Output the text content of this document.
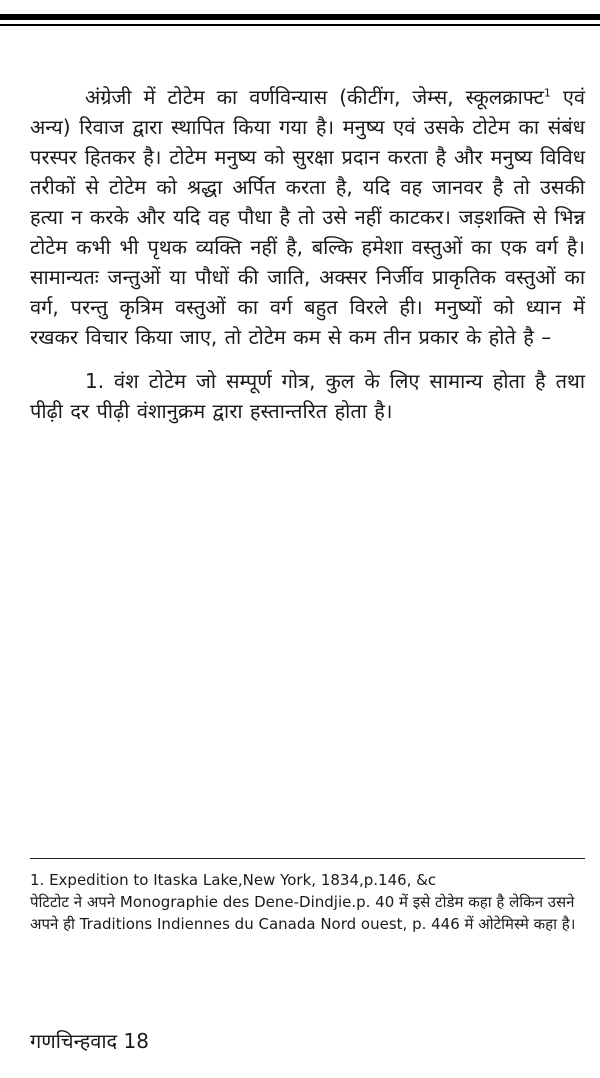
अंग्रेजी में टोटेम का वर्णविन्यास (कीटींग, जेम्स, स्कूलक्राफ्ट$^1$ एवं अन्य) रिवाज द्वारा स्थापित किया गया है। मनुष्य एवं उसके टोटेम का संबंध परस्पर हितकर है। टोटेम मनुष्य को सुरक्षा प्रदान करता है और मनुष्य विविध तरीकों से टोटेम को श्रद्धा अर्पित करता है, यदि वह जानवर है तो उसकी हत्या न करके और यदि वह पौधा है तो उसे नहीं काटकर। जड़शक्ति से भिन्न टोटेम कभी भी पृथक व्यक्ति नहीं है, बल्कि हमेशा वस्तुओं का एक वर्ग है। सामान्यतः जन्तुओं या पौधों की जाति, अक्सर निर्जीव प्राकृतिक वस्तुओं का वर्ग, परन्तु कृत्रिम वस्तुओं का वर्ग बहुत विरले ही। मनुष्यों को ध्यान में रखकर विचार किया जाए, तो टोटेम कम से कम तीन प्रकार के होते है –

1. वंश टोटेम जो सम्पूर्ण गोत्र, कुल के लिए सामान्य होता है तथा पीढ़ी दर पीढ़ी वंशानुक्रम द्वारा हस्तान्तरित होता है।

1. Expedition to Itaska Lake,New York, 1834,p.146, &c
पेटिटोट ने अपने Monographie des Dene-Dindjie.p. 40 में इसे टोडेम कहा है लेकिन उसने अपने ही Traditions Indiennes du Canada Nord ouest, p. 446 में ओटेमिस्मे कहा है।
गणचिन्हवाद 18
